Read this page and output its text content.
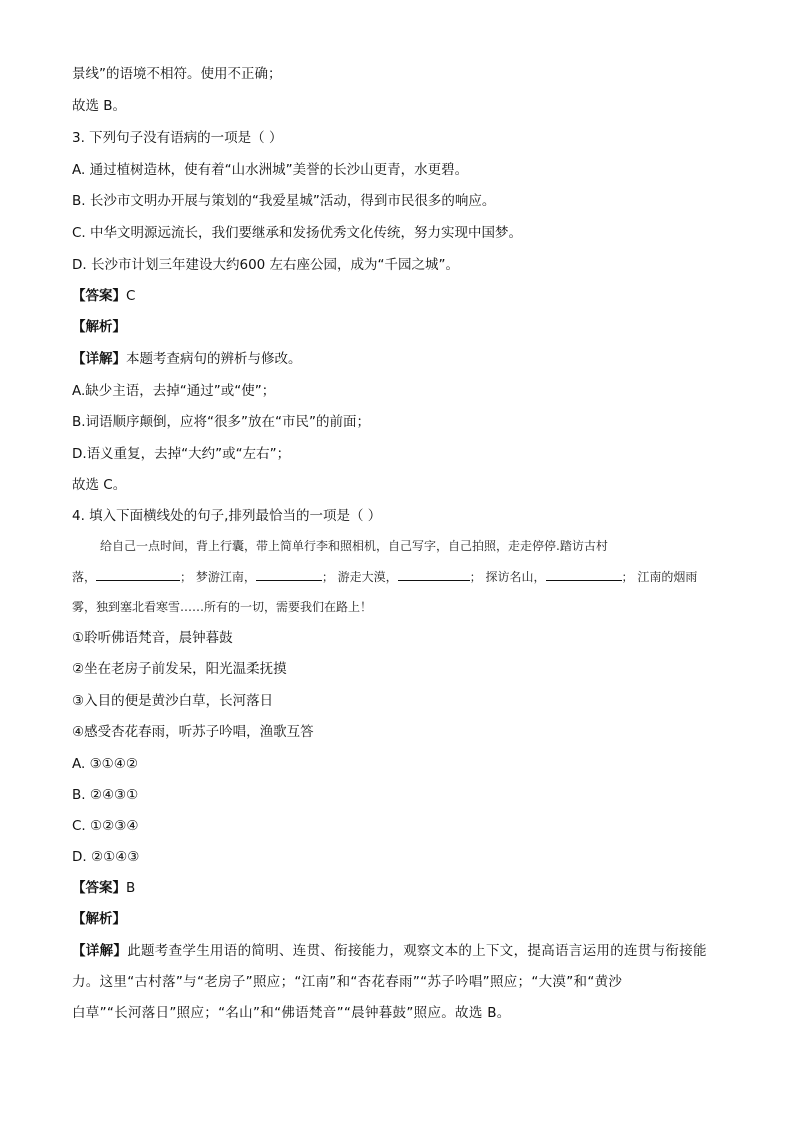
景线”的语境不相符。使用不正确；
故选 B。
3. 下列句子没有语病的一项是（ ）
A. 通过植树造林，使有着“山水洲城”美誉的长沙山更青，水更碧。
B. 长沙市文明办开展与策划的“我爱星城”活动，得到市民很多的响应。
C. 中华文明源远流长，我们要继承和发扬优秀文化传统，努力实现中国梦。
D. 长沙市计划三年建设大约600 左右座公园，成为“千园之城”。
【答案】C
【解析】
【详解】本题考查病句的辨析与修改。
A.缺少主语，去掉“通过”或“使”；
B.词语顺序颠倒，应将“很多”放在“市民”的前面；
D.语义重复，去掉“大约”或“左右”；
故选 C。
4. 填入下面横线处的句子,排列最恰当的一项是（ ）
给自己一点时间，背上行囊，带上简单行李和照相机，自己写字，自己拍照，走走停停.踏访古村
落，	； 梦游江南，	； 游走大漠，	； 探访名山，	； 江南的烟雨
雾，独到塞北看寒雪……所有的一切，需要我们在路上！
①聆听佛语梵音，晨钟暮鼓
②坐在老房子前发呆，阳光温柔抚摸
③入目的便是黄沙白草，长河落日
④感受杏花春雨，听苏子吟唱，渔歌互答
A. ③①④②
B. ②④③①
C. ①②③④
D. ②①④③
【答案】B
【解析】
【详解】此题考查学生用语的简明、连贯、衔接能力，观察文本的上下文，提高语言运用的连贯与衔接能
力。这里“古村落”与“老房子”照应；“江南”和“杏花春雨”“苏子吟唱”照应；“大漠”和“黄沙
白草”“长河落日”照应；“名山”和“佛语梵音”“晨钟暮鼓”照应。故选 B。
